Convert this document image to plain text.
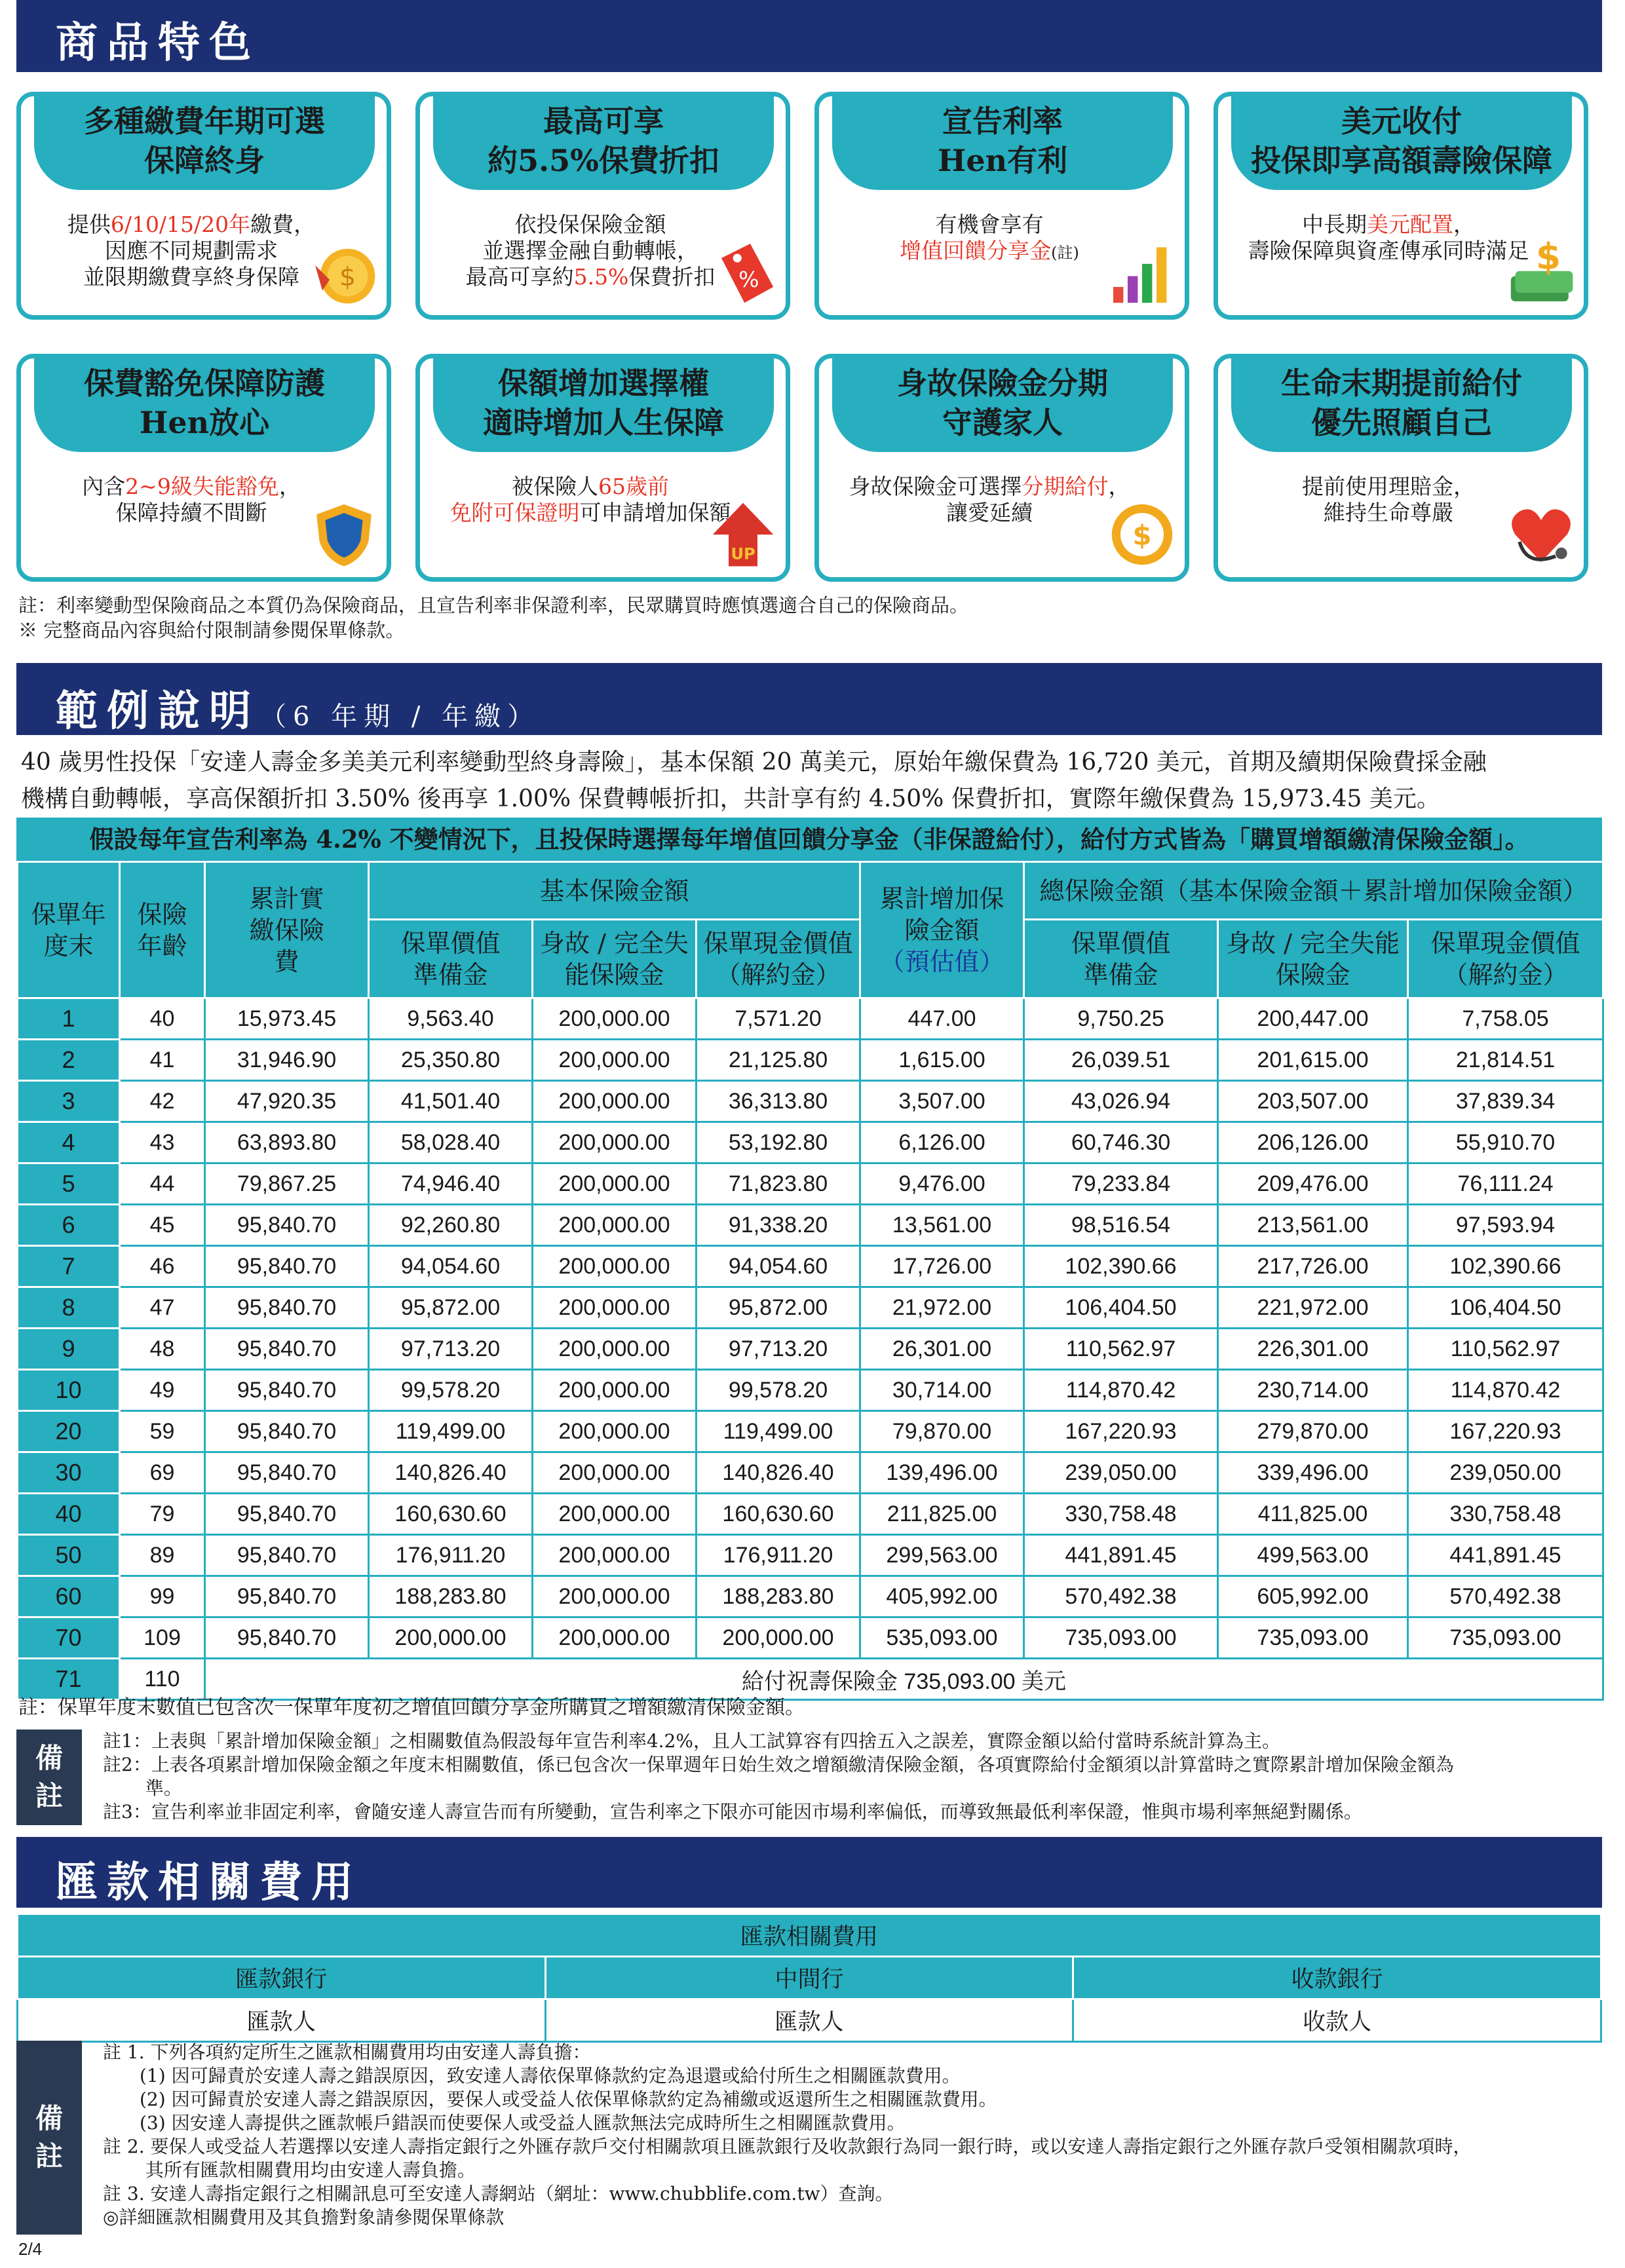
商品特色
多種繳費年期可選
保障終身
提供6/10/15/20年繳費，
因應不同規劃需求
並限期繳費享終身保障	$
最高可享
約5.5%保費折扣
依投保保險金額
並選擇金融自動轉帳，
最高可享約5.5%保費折扣	%
宣告利率
Hen有利
有機會享有
增值回饋分享金(註)
美元收付
投保即享高額壽險保障
中長期美元配置，
壽險保障與資產傳承同時滿足 $
保費豁免保障防護
Hen放心
內含2~9級失能豁免，
保障持續不間斷
保額增加選擇權
適時增加人生保障
被保險人65歲前
免附可保證明可申請增加保額
UP
身故保險金分期
守護家人
身故保險金可選擇分期給付，
讓愛延續
$
生命末期提前給付
優先照顧自己
提前使用理賠金，
維持生命尊嚴
註：利率變動型保險商品之本質仍為保險商品，且宣告利率非保證利率，民眾購買時應慎選適合自己的保險商品。
※ 完整商品內容與給付限制請參閱保單條款。
範例說明（6 年期 / 年繳）
40 歲男性投保「安達人壽金多美美元利率變動型終身壽險」，基本保額 20 萬美元，原始年繳保費為 16,720 美元，首期及續期保險費採金融
機構自動轉帳，享高保額折扣 3.50% 後再享 1.00% 保費轉帳折扣，共計享有約 4.50% 保費折扣，實際年繳保費為 15,973.45 美元。
假設每年宣告利率為 4.2% 不變情況下，且投保時選擇每年增值回饋分享金（非保證給付），給付方式皆為「購買增額繳清保險金額」。
保單年度末	保險年齡	累計實繳保險費	基本保險金額			累計增加保險金額
（預估值）	總保險金額（基本保險金額＋累計增加保險金額）		
			保單價值準備金	身故 / 完全失能保險金	保單現金價值（解約金）		保單價值準備金	身故 / 完全失能保險金	保單現金價值（解約金）
1	40	15,973.45	9,563.40	200,000.00	7,571.20	447.00	9,750.25	200,447.00	7,758.05
2	41	31,946.90	25,350.80	200,000.00	21,125.80	1,615.00	26,039.51	201,615.00	21,814.51
3	42	47,920.35	41,501.40	200,000.00	36,313.80	3,507.00	43,026.94	203,507.00	37,839.34
4	43	63,893.80	58,028.40	200,000.00	53,192.80	6,126.00	60,746.30	206,126.00	55,910.70
5	44	79,867.25	74,946.40	200,000.00	71,823.80	9,476.00	79,233.84	209,476.00	76,111.24
6	45	95,840.70	92,260.80	200,000.00	91,338.20	13,561.00	98,516.54	213,561.00	97,593.94
7	46	95,840.70	94,054.60	200,000.00	94,054.60	17,726.00	102,390.66	217,726.00	102,390.66
8	47	95,840.70	95,872.00	200,000.00	95,872.00	21,972.00	106,404.50	221,972.00	106,404.50
9	48	95,840.70	97,713.20	200,000.00	97,713.20	26,301.00	110,562.97	226,301.00	110,562.97
10	49	95,840.70	99,578.20	200,000.00	99,578.20	30,714.00	114,870.42	230,714.00	114,870.42
20	59	95,840.70	119,499.00	200,000.00	119,499.00	79,870.00	167,220.93	279,870.00	167,220.93
30	69	95,840.70	140,826.40	200,000.00	140,826.40	139,496.00	239,050.00	339,496.00	239,050.00
40	79	95,840.70	160,630.60	200,000.00	160,630.60	211,825.00	330,758.48	411,825.00	330,758.48
50	89	95,840.70	176,911.20	200,000.00	176,911.20	299,563.00	441,891.45	499,563.00	441,891.45
60	99	95,840.70	188,283.80	200,000.00	188,283.80	405,992.00	570,492.38	605,992.00	570,492.38
70	109	95,840.70	200,000.00	200,000.00	200,000.00	535,093.00	735,093.00	735,093.00	735,093.00
71	110	給付祝壽保險金 735,093.00 美元							
註：保單年度末數值已包含次一保單年度初之增值回饋分享金所購買之增額繳清保險金額。
備
註
註1：上表與「累計增加保險金額」之相關數值為假設每年宣告利率4.2%，且人工試算容有四捨五入之誤差，實際金額以給付當時系統計算為主。
註2：上表各項累計增加保險金額之年度末相關數值，係已包含次一保單週年日始生效之增額繳清保險金額，各項實際給付金額須以計算當時之實際累計增加保險金額為
　　 準。
註3：宣告利率並非固定利率，會隨安達人壽宣告而有所變動，宣告利率之下限亦可能因市場利率偏低，而導致無最低利率保證，惟與市場利率無絕對關係。
匯款相關費用
匯款相關費用		
匯款銀行	中間行	收款銀行
匯款人	匯款人	收款人
備
註
註 1. 下列各項約定所生之匯款相關費用均由安達人壽負擔：
　　(1) 因可歸責於安達人壽之錯誤原因，致安達人壽依保單條款約定為退還或給付所生之相關匯款費用。
　　(2) 因可歸責於安達人壽之錯誤原因，要保人或受益人依保單條款約定為補繳或返還所生之相關匯款費用。
　　(3) 因安達人壽提供之匯款帳戶錯誤而使要保人或受益人匯款無法完成時所生之相關匯款費用。
註 2. 要保人或受益人若選擇以安達人壽指定銀行之外匯存款戶交付相關款項且匯款銀行及收款銀行為同一銀行時，或以安達人壽指定銀行之外匯存款戶受領相關款項時，
　　 其所有匯款相關費用均由安達人壽負擔。
註 3. 安達人壽指定銀行之相關訊息可至安達人壽網站（網址：www.chubblife.com.tw）查詢。
◎詳細匯款相關費用及其負擔對象請參閱保單條款
2/4
